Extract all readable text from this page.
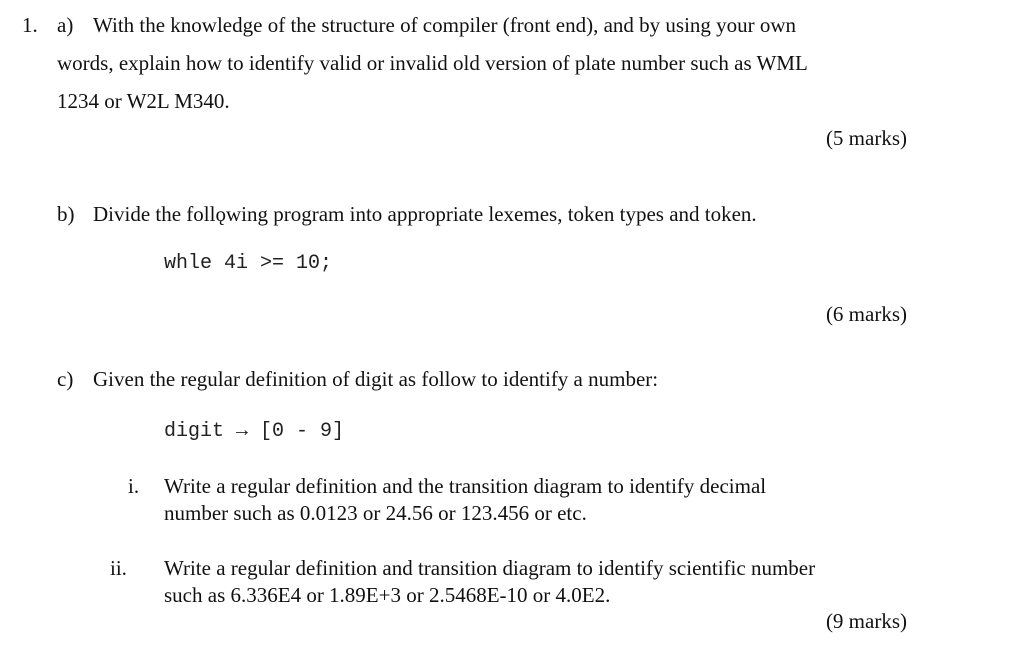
1. a) With the knowledge of the structure of compiler (front end), and by using your own
words, explain how to identify valid or invalid old version of plate number such as WML
1234 or W2L M340.
(5 marks)
b) Divide the follǫwing program into appropriate lexemes, token types and token.
whle 4i >= 10;
(6 marks)
c) Given the regular definition of digit as follow to identify a number:
digit → [0 - 9]
i. Write a regular definition and the transition diagram to identify decimal
number such as 0.0123 or 24.56 or 123.456 or etc.
ii. Write a regular definition and transition diagram to identify scientific number
such as 6.336E4 or 1.89E+3 or 2.5468E-10 or 4.0E2.
(9 marks)
